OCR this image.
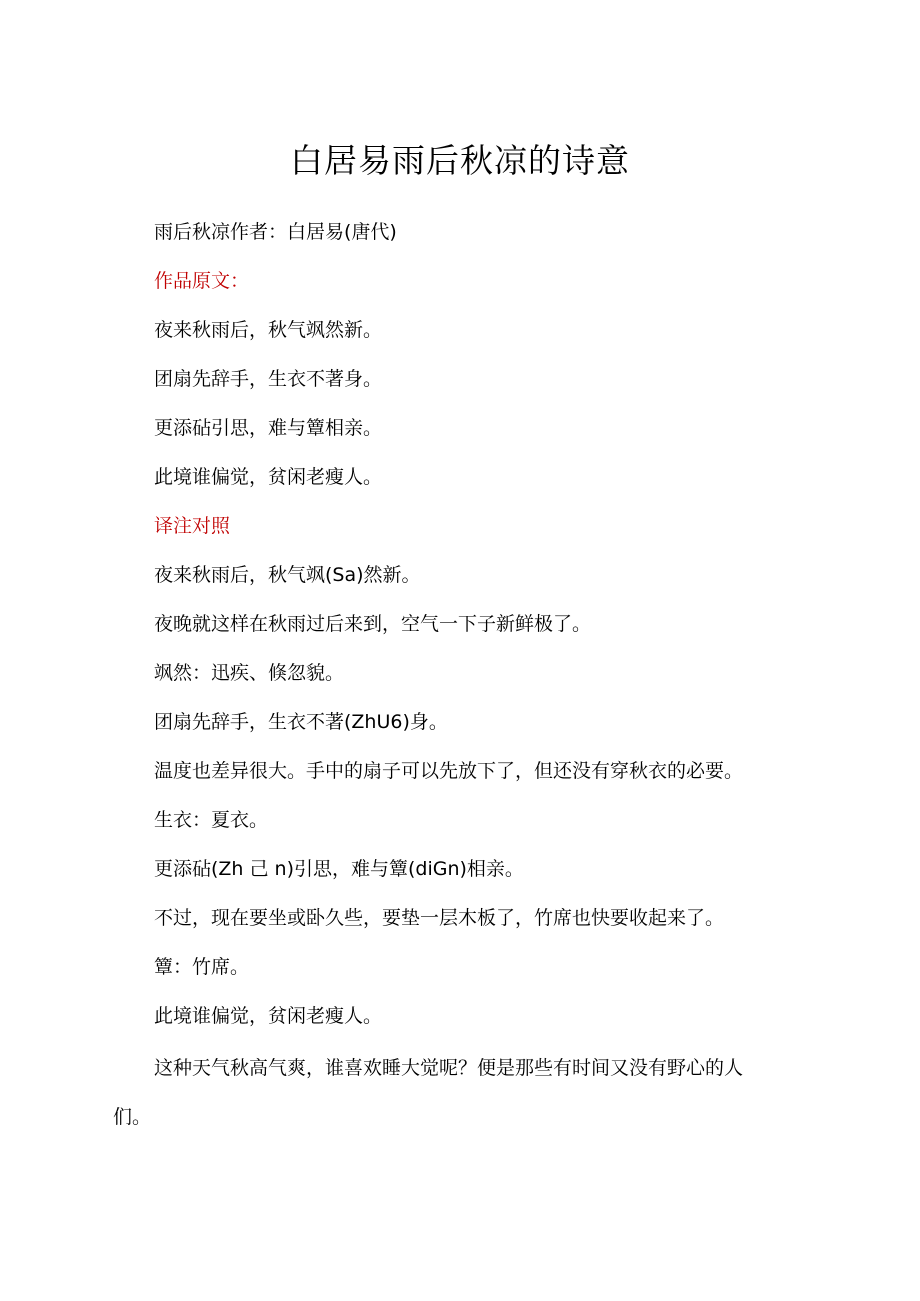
白居易雨后秋凉的诗意
雨后秋凉作者：白居易(唐代)
作品原文：
夜来秋雨后，秋气飒然新。
团扇先辞手，生衣不著身。
更添砧引思，难与簟相亲。
此境谁偏觉，贫闲老瘦人。
译注对照
夜来秋雨后，秋气飒(Sa)然新。
夜晚就这样在秋雨过后来到，空气一下子新鲜极了。
飒然：迅疾、倏忽貌。
团扇先辞手，生衣不著(ZhU6)身。
温度也差异很大。手中的扇子可以先放下了，但还没有穿秋衣的必要。
生衣：夏衣。
更添砧(Zh 己 n)引思，难与簟(diGn)相亲。
不过，现在要坐或卧久些，要垫一层木板了，竹席也快要收起来了。
簟：竹席。
此境谁偏觉，贫闲老瘦人。
这种天气秋高气爽，谁喜欢睡大觉呢？便是那些有时间又没有野心的人
们。
